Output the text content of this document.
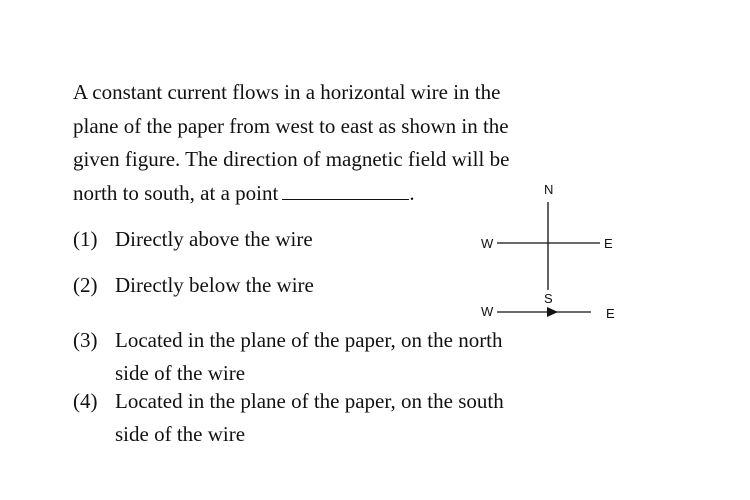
A constant current flows in a horizontal wire in the
plane of the paper from west to east as shown in the
given figure. The direction of magnetic field will be
north to south, at a point	.
(1) Directly above the wire
(2) Directly below the wire
(3) Located in the plane of the paper, on the north
side of the wire
(4) Located in the plane of the paper, on the south
side of the wire
N
S
W	E
W	E
